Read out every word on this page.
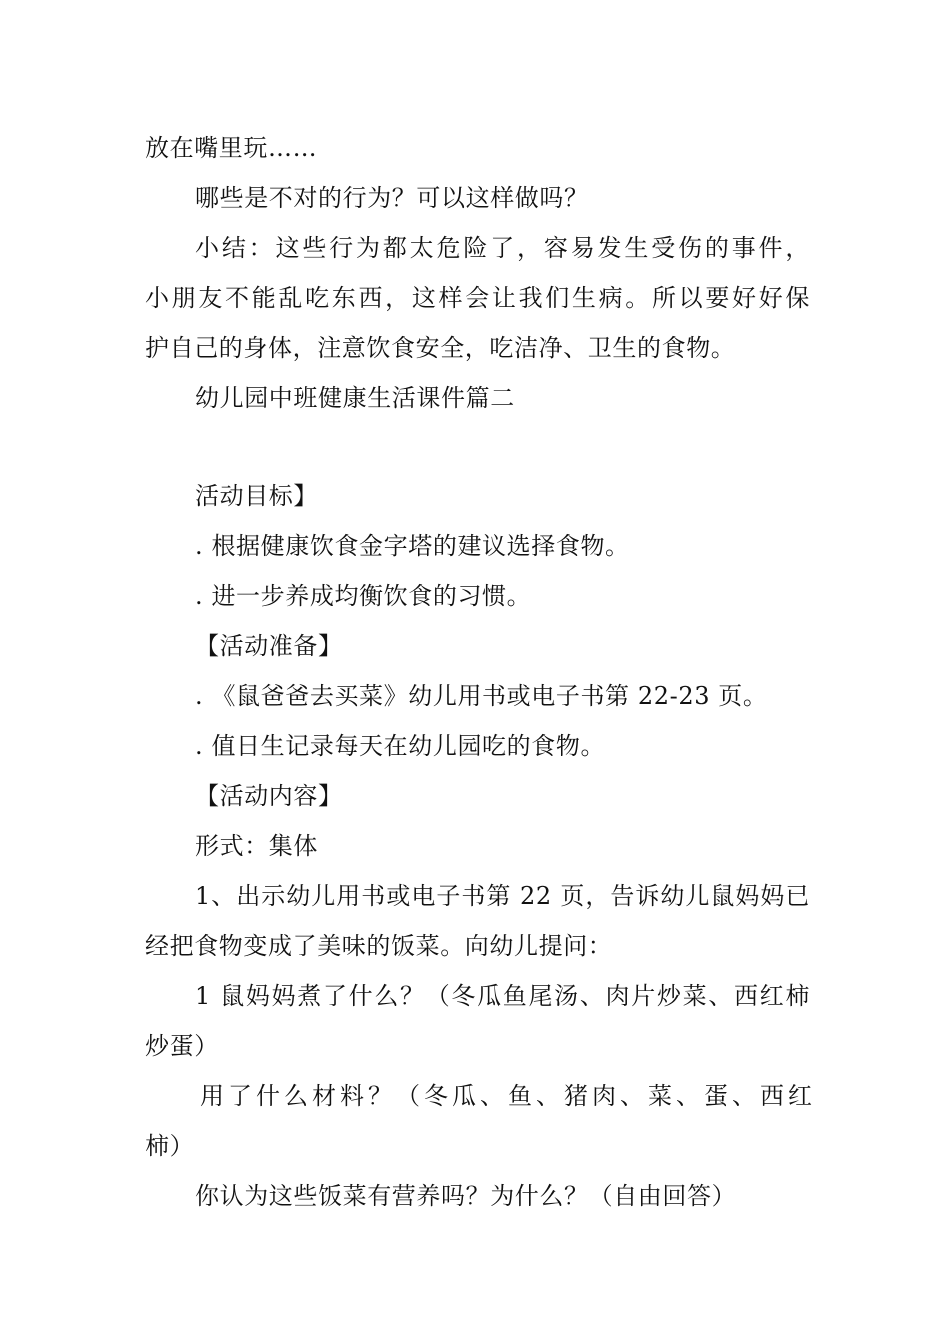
放在嘴里玩……
哪些是不对的行为？可以这样做吗？
小结：这些行为都太危险了，容易发生受伤的事件，
小朋友不能乱吃东西，这样会让我们生病。所以要好好保
护自己的身体，注意饮食安全，吃洁净、卫生的食物。
幼儿园中班健康生活课件篇二
活动目标】
. 根据健康饮食金字塔的建议选择食物。
. 进一步养成均衡饮食的习惯。
【活动准备】
. 《鼠爸爸去买菜》幼儿用书或电子书第 22-23 页。
. 值日生记录每天在幼儿园吃的食物。
【活动内容】
形式：集体
1、出示幼儿用书或电子书第 22 页，告诉幼儿鼠妈妈已
经把食物变成了美味的饭菜。向幼儿提问：
1 鼠妈妈煮了什么？（冬瓜鱼尾汤、肉片炒菜、西红柿
炒蛋）
用了什么材料？（冬瓜、鱼、猪肉、菜、蛋、西红
柿）
你认为这些饭菜有营养吗？为什么？（自由回答）
